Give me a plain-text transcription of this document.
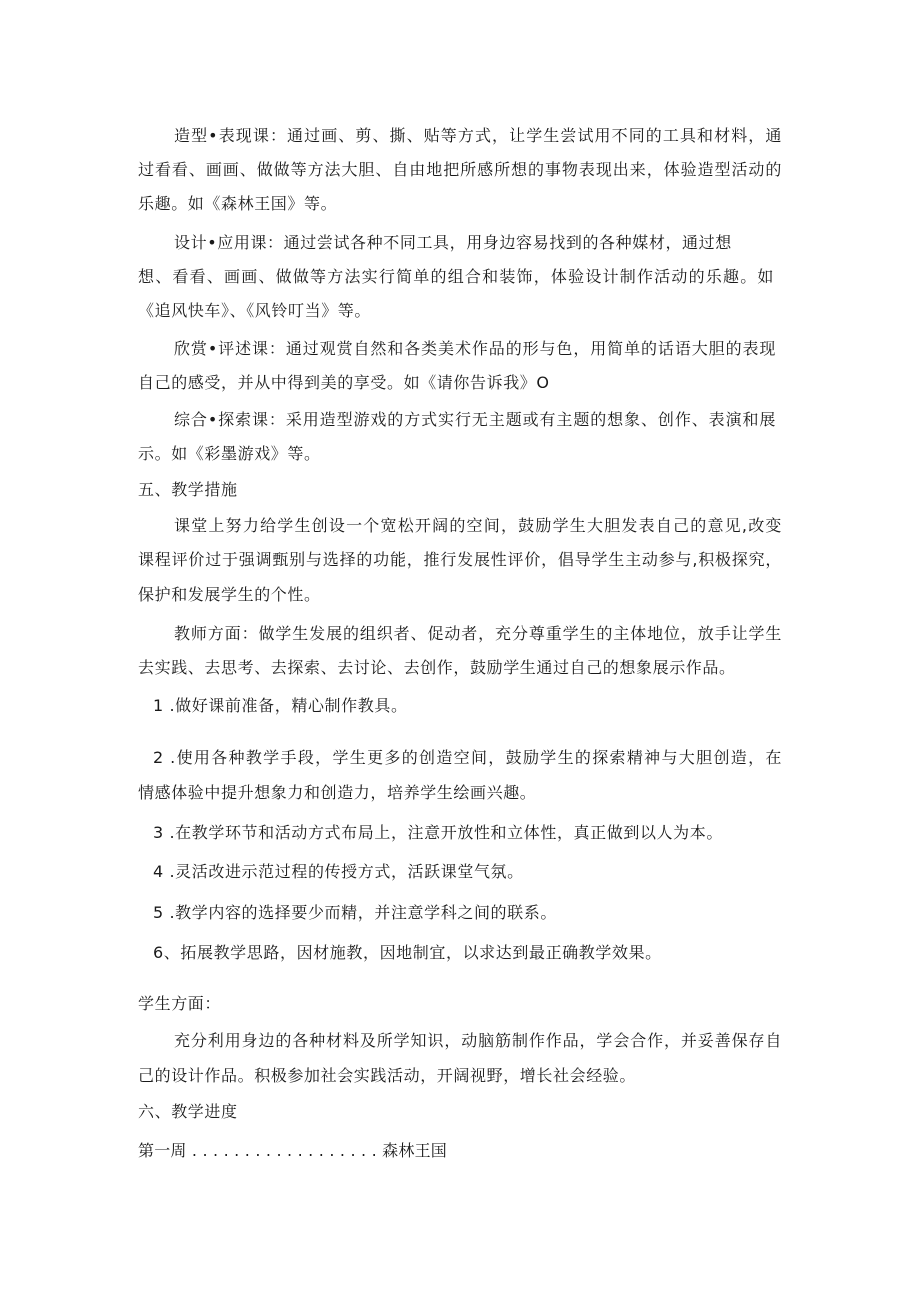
造型•表现课：通过画、剪、撕、贴等方式，让学生尝试用不同的工具和材料，通
过看看、画画、做做等方法大胆、自由地把所感所想的事物表现出来，体验造型活动的
乐趣。如《森林王国》等。
设计•应用课：通过尝试各种不同工具，用身边容易找到的各种媒材，通过想
想、看看、画画、做做等方法实行简单的组合和装饰，体验设计制作活动的乐趣。如
《追风快车》、《风铃叮当》等。
欣赏•评述课：通过观赏自然和各类美术作品的形与色，用简单的话语大胆的表现
自己的感受，并从中得到美的享受。如《请你告诉我》O
综合•探索课：采用造型游戏的方式实行无主题或有主题的想象、创作、表演和展
示。如《彩墨游戏》等。
五、教学措施
课堂上努力给学生创设一个宽松开阔的空间，鼓励学生大胆发表自己的意见,改变
课程评价过于强调甄别与选择的功能，推行发展性评价，倡导学生主动参与,积极探究，
保护和发展学生的个性。
教师方面：做学生发展的组织者、促动者，充分尊重学生的主体地位，放手让学生
去实践、去思考、去探索、去讨论、去创作，鼓励学生通过自己的想象展示作品。
1 .做好课前准备，精心制作教具。
2 .使用各种教学手段，学生更多的创造空间，鼓励学生的探索精神与大胆创造，在
情感体验中提升想象力和创造力，培养学生绘画兴趣。
3 .在教学环节和活动方式布局上，注意开放性和立体性，真正做到以人为本。
4 .灵活改进示范过程的传授方式，活跃课堂气氛。
5 .教学内容的选择要少而精，并注意学科之间的联系。
6、拓展教学思路，因材施教，因地制宜，以求达到最正确教学效果。
学生方面：
充分利用身边的各种材料及所学知识，动脑筋制作作品，学会合作，并妥善保存自
己的设计作品。积极参加社会实践活动，开阔视野，增长社会经验。
六、教学进度
第一周 . . . . . . . . . . . . . . . . . . 森林王国
